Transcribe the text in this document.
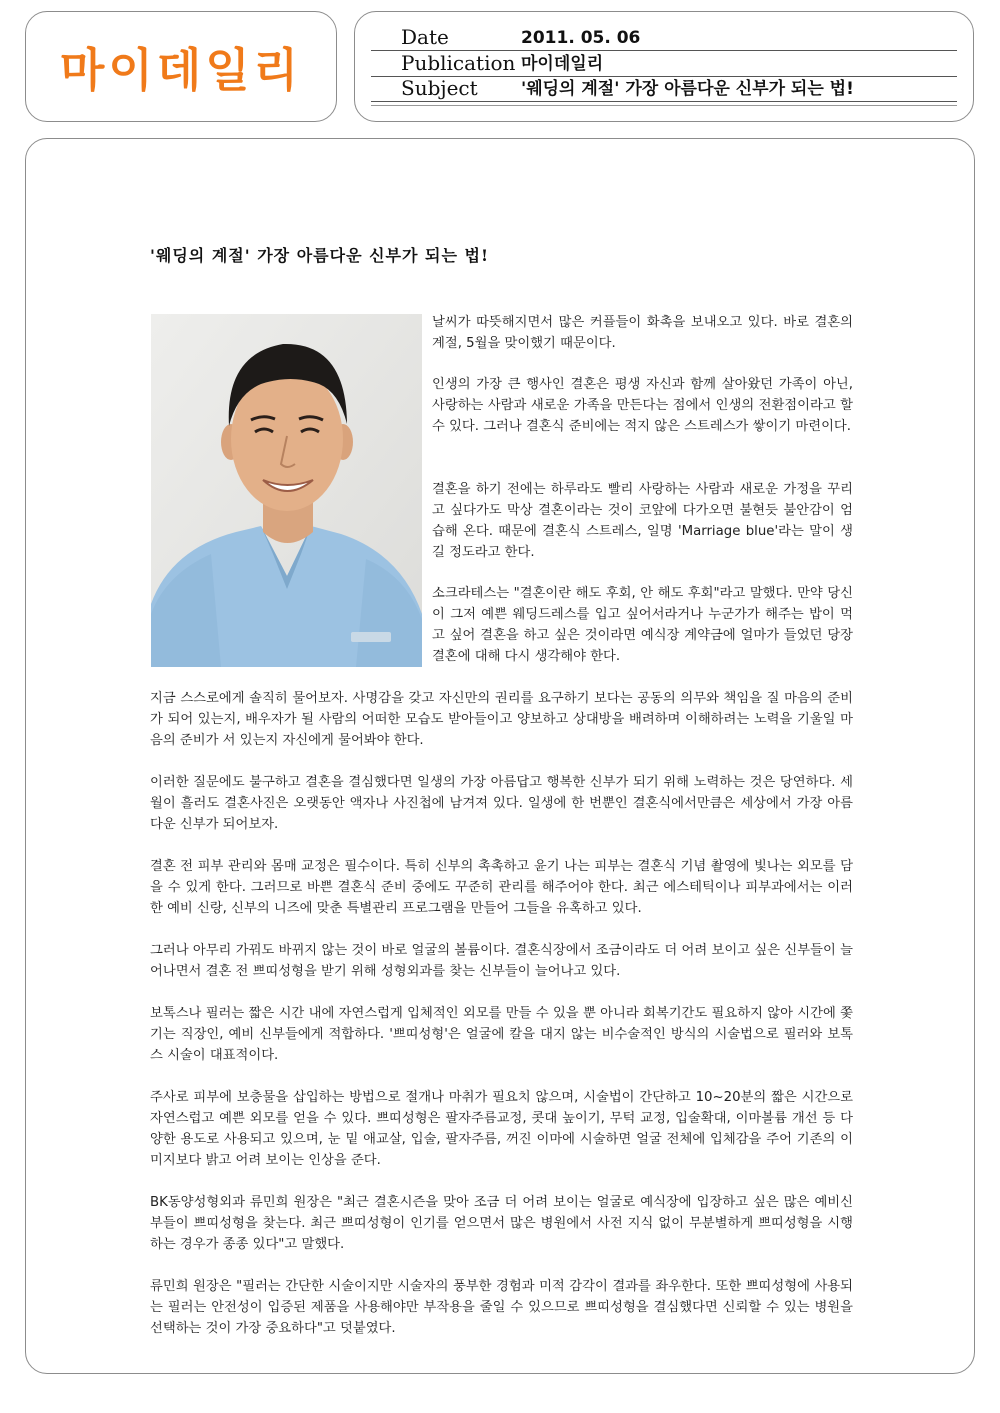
마이데일리
Date	2011. 05. 06
Publication 마이데일리
Subject	'웨딩의 계절' 가장 아름다운 신부가 되는 법!
'웨딩의 계절' 가장 아름다운 신부가 되는 법!

날씨가 따뜻해지면서 많은 커플들이 화촉을 보내오고 있다. 바로 결혼의 계절, 5월을 맞이했기 때문이다.

인생의 가장 큰 행사인 결혼은 평생 자신과 함께 살아왔던 가족이 아닌, 사랑하는 사람과 새로운 가족을 만든다는 점에서 인생의 전환점이라고 할 수 있다. 그러나 결혼식 준비에는 적지 않은 스트레스가 쌓이기 마련이다.

결혼을 하기 전에는 하루라도 빨리 사랑하는 사람과 새로운 가정을 꾸리고 싶다가도 막상 결혼이라는 것이 코앞에 다가오면 불현듯 불안감이 엄습해 온다. 때문에 결혼식 스트레스, 일명 'Marriage blue'라는 말이 생길 정도라고 한다.

소크라테스는 "결혼이란 해도 후회, 안 해도 후회"라고 말했다. 만약 당신이 그저 예쁜 웨딩드레스를 입고 싶어서라거나 누군가가 해주는 밥이 먹고 싶어 결혼을 하고 싶은 것이라면 예식장 계약금에 얼마가 들었던 당장 결혼에 대해 다시 생각해야 한다.

지금 스스로에게 솔직히 물어보자. 사명감을 갖고 자신만의 권리를 요구하기 보다는 공동의 의무와 책임을 질 마음의 준비가 되어 있는지, 배우자가 될 사람의 어떠한 모습도 받아들이고 양보하고 상대방을 배려하며 이해하려는 노력을 기울일 마음의 준비가 서 있는지 자신에게 물어봐야 한다.

이러한 질문에도 불구하고 결혼을 결심했다면 일생의 가장 아름답고 행복한 신부가 되기 위해 노력하는 것은 당연하다. 세월이 흘러도 결혼사진은 오랫동안 액자나 사진첩에 남겨져 있다. 일생에 한 번뿐인 결혼식에서만큼은 세상에서 가장 아름다운 신부가 되어보자.

결혼 전 피부 관리와 몸매 교정은 필수이다. 특히 신부의 촉촉하고 윤기 나는 피부는 결혼식 기념 촬영에 빛나는 외모를 담을 수 있게 한다. 그러므로 바쁜 결혼식 준비 중에도 꾸준히 관리를 해주어야 한다. 최근 에스테틱이나 피부과에서는 이러한 예비 신랑, 신부의 니즈에 맞춘 특별관리 프로그램을 만들어 그들을 유혹하고 있다.

그러나 아무리 가꿔도 바뀌지 않는 것이 바로 얼굴의 볼륨이다. 결혼식장에서 조금이라도 더 어려 보이고 싶은 신부들이 늘어나면서 결혼 전 쁘띠성형을 받기 위해 성형외과를 찾는 신부들이 늘어나고 있다.

보톡스나 필러는 짧은 시간 내에 자연스럽게 입체적인 외모를 만들 수 있을 뿐 아니라 회복기간도 필요하지 않아 시간에 쫓기는 직장인, 예비 신부들에게 적합하다. '쁘띠성형'은 얼굴에 칼을 대지 않는 비수술적인 방식의 시술법으로 필러와 보톡스 시술이 대표적이다.

주사로 피부에 보충물을 삽입하는 방법으로 절개나 마취가 필요치 않으며, 시술법이 간단하고 10~20분의 짧은 시간으로 자연스럽고 예쁜 외모를 얻을 수 있다. 쁘띠성형은 팔자주름교정, 콧대 높이기, 무턱 교정, 입술확대, 이마볼륨 개선 등 다양한 용도로 사용되고 있으며, 눈 밑 애교살, 입술, 팔자주름, 꺼진 이마에 시술하면 얼굴 전체에 입체감을 주어 기존의 이미지보다 밝고 어려 보이는 인상을 준다.

BK동양성형외과 류민희 원장은 "최근 결혼시즌을 맞아 조금 더 어려 보이는 얼굴로 예식장에 입장하고 싶은 많은 예비신부들이 쁘띠성형을 찾는다. 최근 쁘띠성형이 인기를 얻으면서 많은 병원에서 사전 지식 없이 무분별하게 쁘띠성형을 시행하는 경우가 종종 있다"고 말했다.

류민희 원장은 "필러는 간단한 시술이지만 시술자의 풍부한 경험과 미적 감각이 결과를 좌우한다. 또한 쁘띠성형에 사용되는 필러는 안전성이 입증된 제품을 사용해야만 부작용을 줄일 수 있으므로 쁘띠성형을 결심했다면 신뢰할 수 있는 병원을 선택하는 것이 가장 중요하다"고 덧붙였다.
